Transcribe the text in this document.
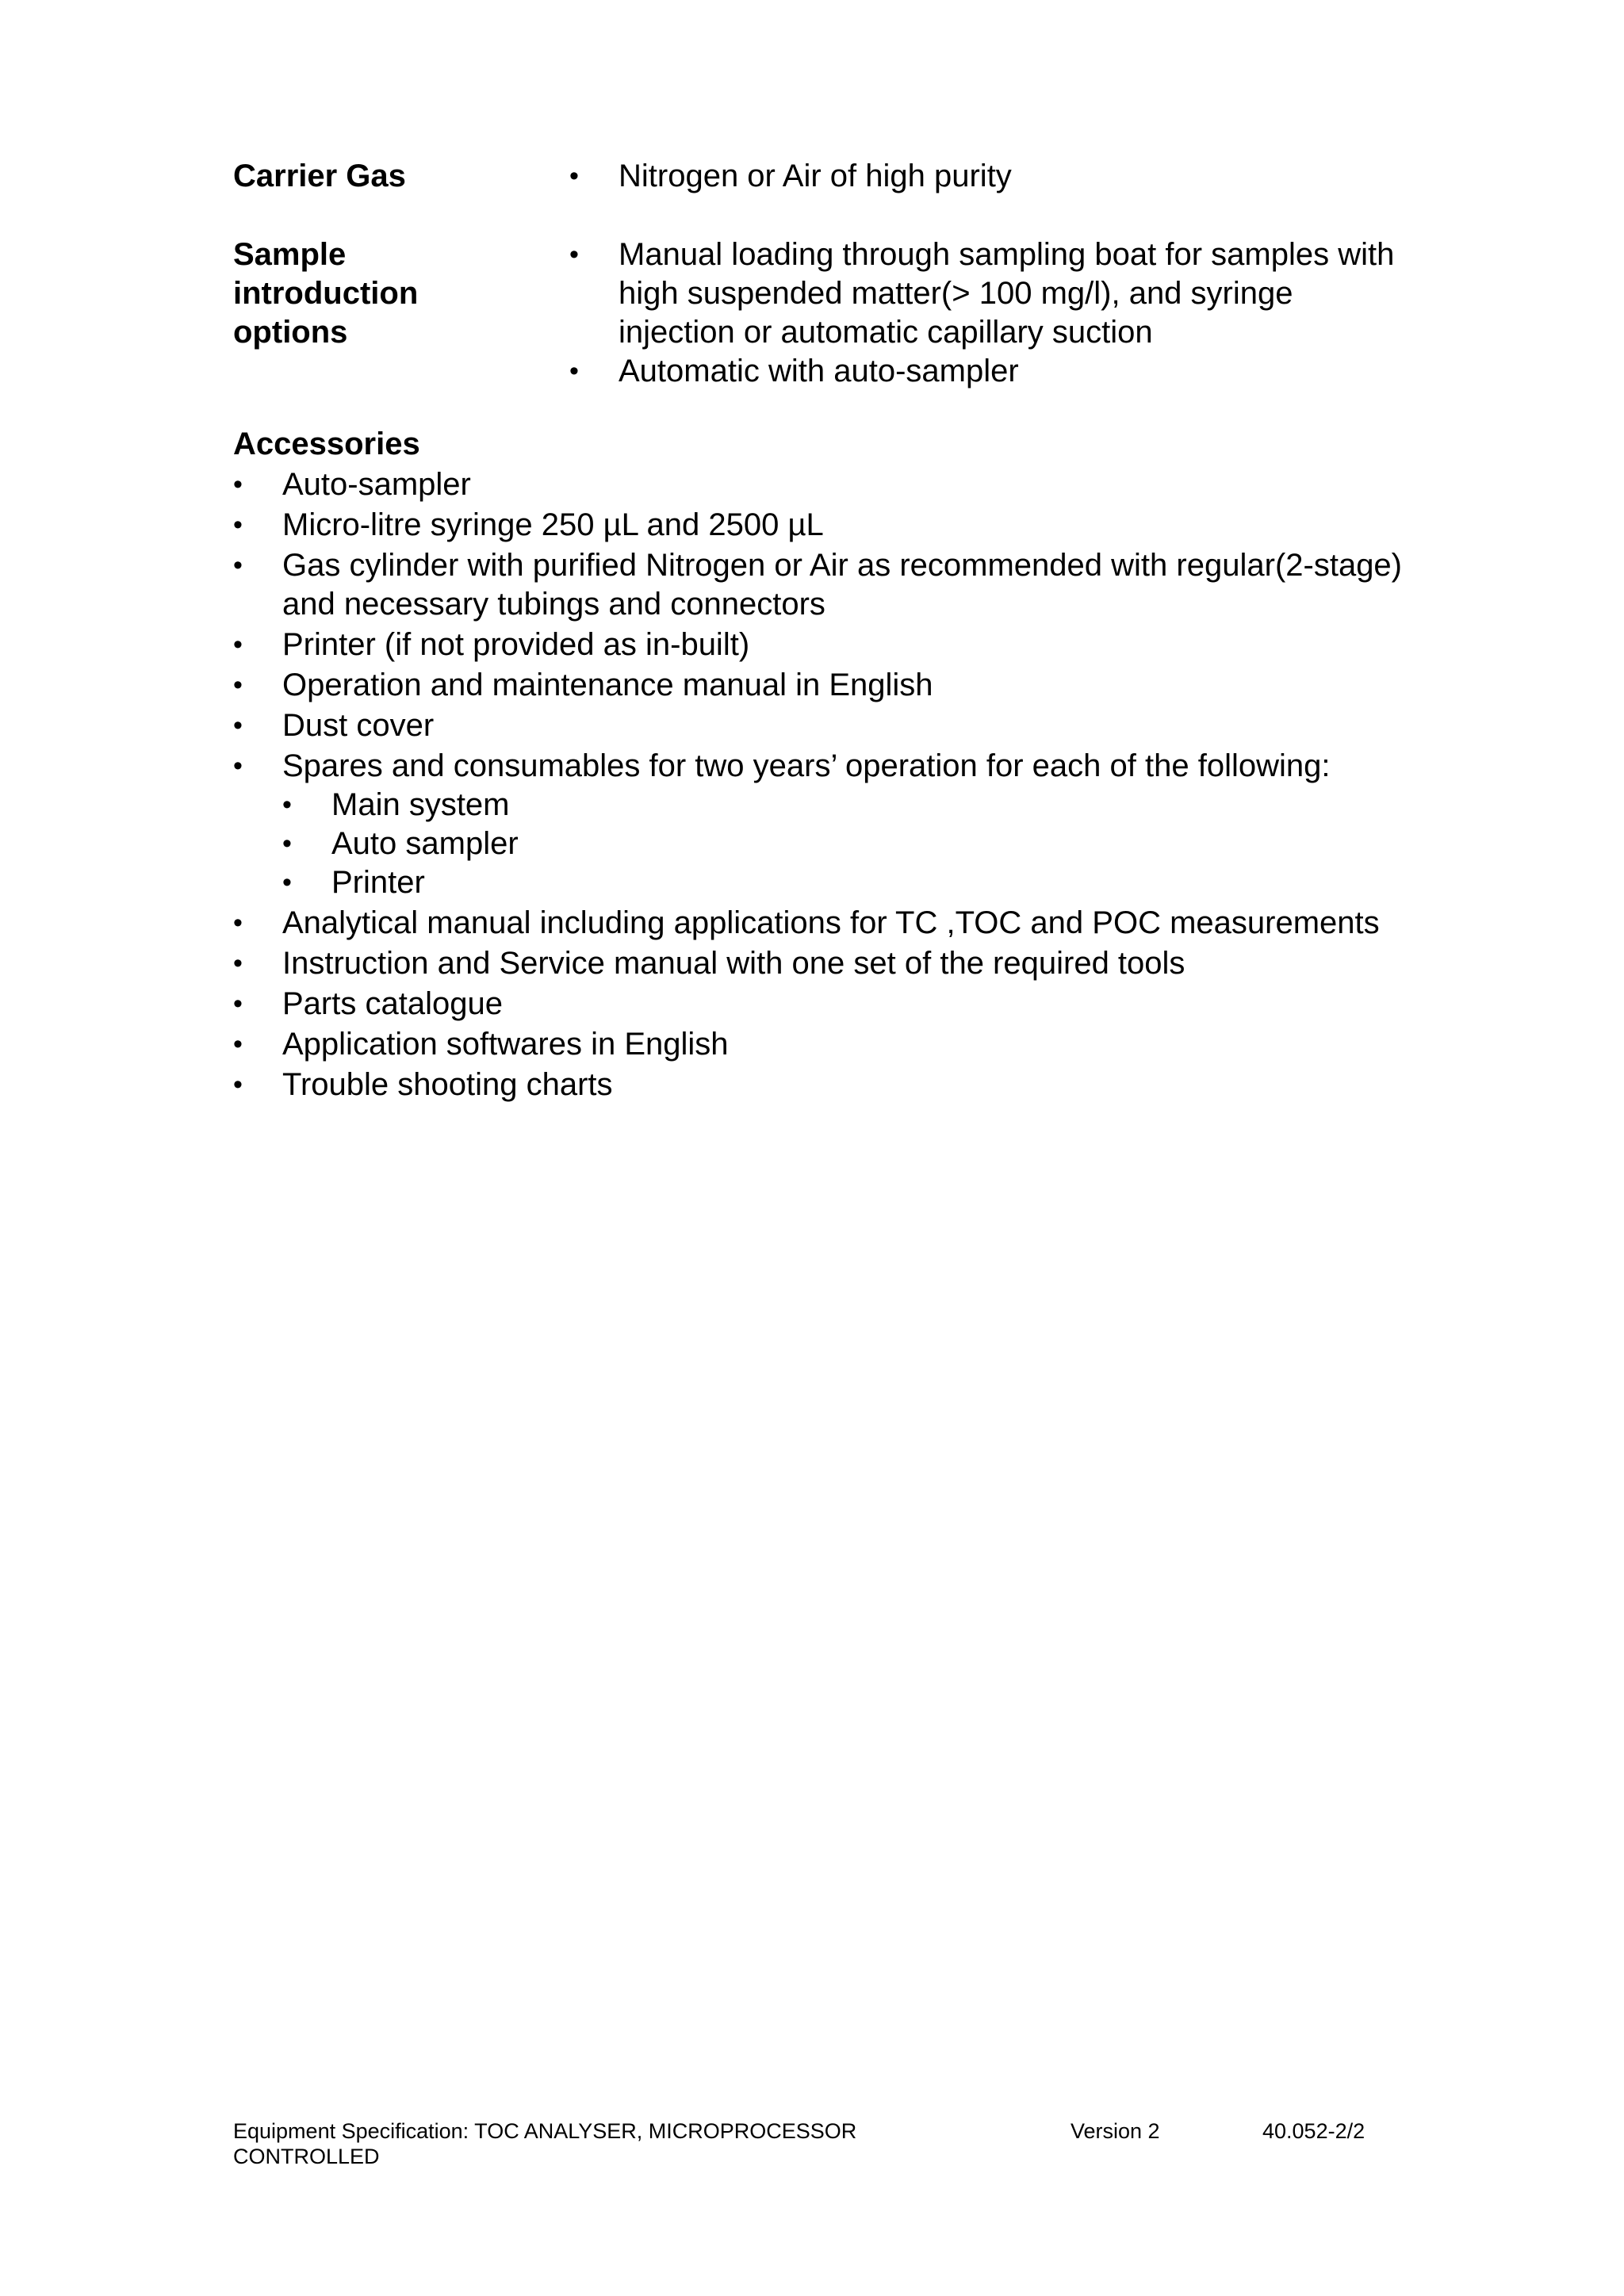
Carrier Gas	•	Nitrogen or Air of high purity
Sample
introduction
options
•	Manual loading through sampling boat for samples with high suspended matter(> 100 mg/l), and syringe injection or automatic capillary suction
•	Automatic with auto-sampler
Accessories
•	Auto-sampler
•	Micro-litre syringe 250 µL and 2500 µL
•	Gas cylinder with purified Nitrogen or Air as recommended with regular(2-stage) and necessary tubings and connectors
•	Printer (if not provided as in-built)
•	Operation and maintenance manual in English
•	Dust cover
•	Spares and consumables for two years’ operation for each of the following:
•	Main system
•	Auto sampler
•	Printer
•	Analytical manual including applications for TC ,TOC and POC measurements
•	Instruction and Service manual with one set of the required tools
•	Parts catalogue
•	Application softwares in English
•	Trouble shooting charts
Equipment Specification: TOC ANALYSER, MICROPROCESSOR
CONTROLLED
Version 2	40.052-2/2
